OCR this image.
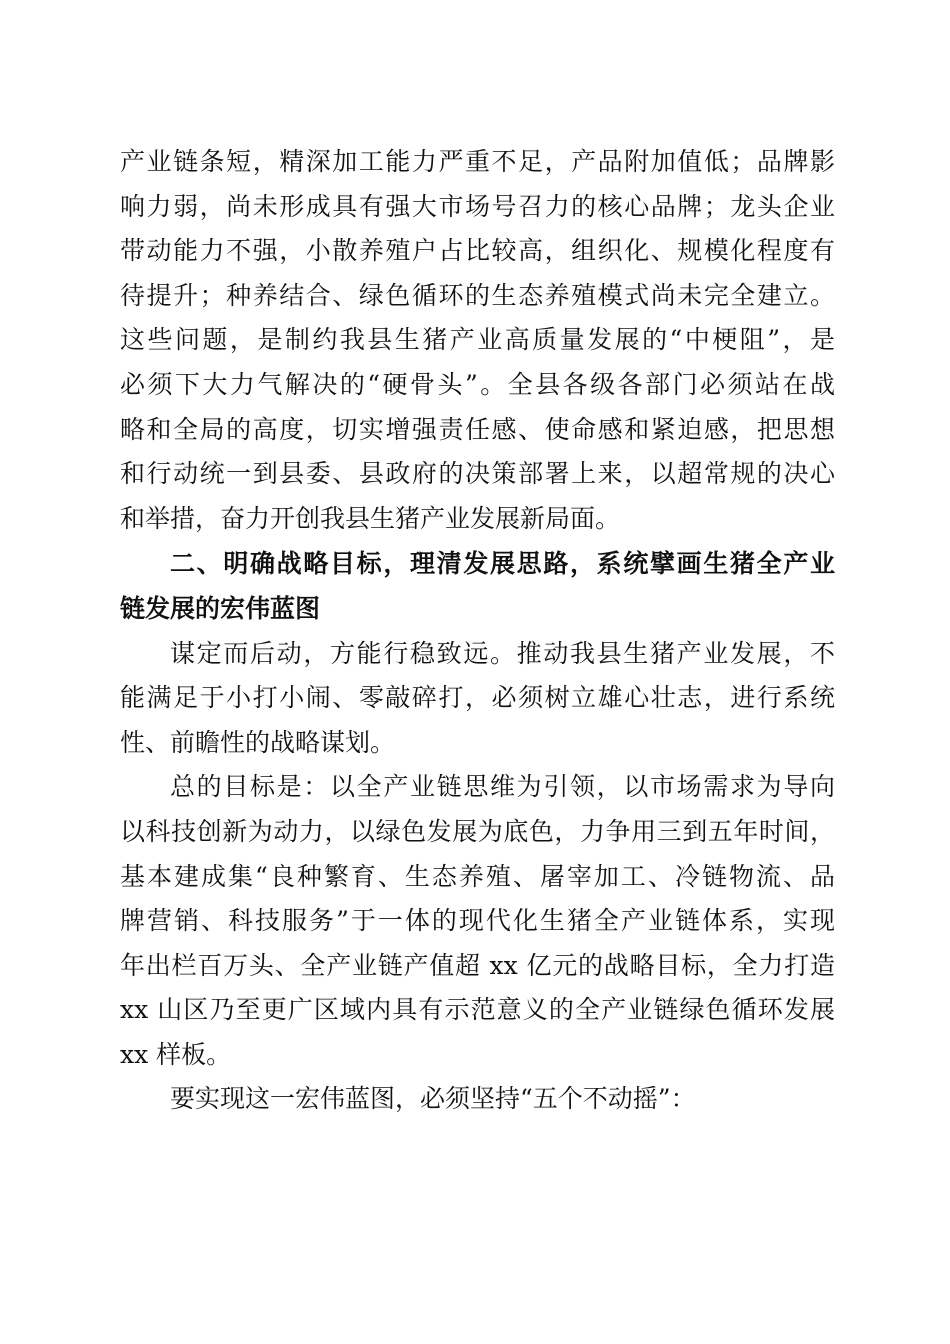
产业链条短，精深加工能力严重不足，产品附加值低；品牌影
响力弱，尚未形成具有强大市场号召力的核心品牌；龙头企业
带动能力不强，小散养殖户占比较高，组织化、规模化程度有
待提升；种养结合、绿色循环的生态养殖模式尚未完全建立。
这些问题，是制约我县生猪产业高质量发展的“中梗阻”，是
必须下大力气解决的“硬骨头”。全县各级各部门必须站在战
略和全局的高度，切实增强责任感、使命感和紧迫感，把思想
和行动统一到县委、县政府的决策部署上来，以超常规的决心
和举措，奋力开创我县生猪产业发展新局面。
二、明确战略目标，理清发展思路，系统擘画生猪全产业
链发展的宏伟蓝图
谋定而后动，方能行稳致远。推动我县生猪产业发展，不
能满足于小打小闹、零敲碎打，必须树立雄心壮志，进行系统
性、前瞻性的战略谋划。
总的目标是：以全产业链思维为引领，以市场需求为导向
以科技创新为动力，以绿色发展为底色，力争用三到五年时间，
基本建成集“良种繁育、生态养殖、屠宰加工、冷链物流、品
牌营销、科技服务”于一体的现代化生猪全产业链体系，实现
年出栏百万头、全产业链产值超 xx 亿元的战略目标，全力打造
xx 山区乃至更广区域内具有示范意义的全产业链绿色循环发展
xx 样板。
要实现这一宏伟蓝图，必须坚持“五个不动摇”：
